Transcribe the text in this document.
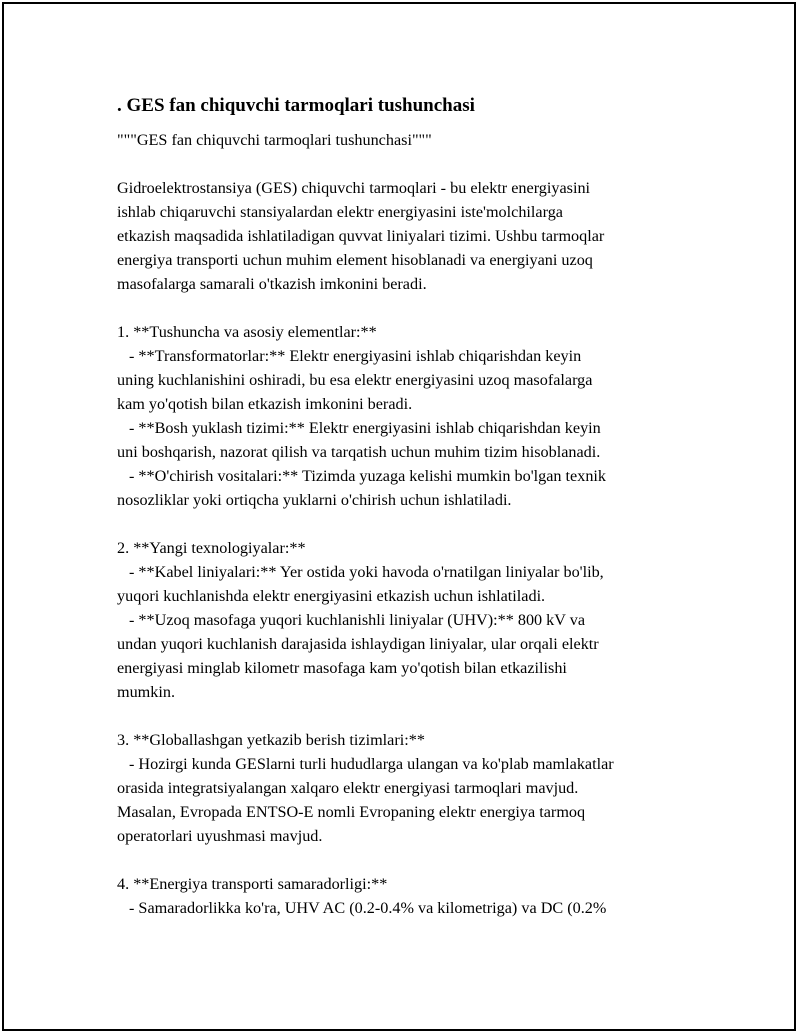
. GES fan chiquvchi tarmoqlari tushunchasi
"""GES fan chiquvchi tarmoqlari tushunchasi"""
Gidroelektrostansiya (GES) chiquvchi tarmoqlari - bu elektr energiyasini
ishlab chiqaruvchi stansiyalardan elektr energiyasini iste'molchilarga
etkazish maqsadida ishlatiladigan quvvat liniyalari tizimi. Ushbu tarmoqlar
energiya transporti uchun muhim element hisoblanadi va energiyani uzoq
masofalarga samarali o'tkazish imkonini beradi.
1. **Tushuncha va asosiy elementlar:**
- **Transformatorlar:** Elektr energiyasini ishlab chiqarishdan keyin
uning kuchlanishini oshiradi, bu esa elektr energiyasini uzoq masofalarga
kam yo'qotish bilan etkazish imkonini beradi.
- **Bosh yuklash tizimi:** Elektr energiyasini ishlab chiqarishdan keyin
uni boshqarish, nazorat qilish va tarqatish uchun muhim tizim hisoblanadi.
- **O'chirish vositalari:** Tizimda yuzaga kelishi mumkin bo'lgan texnik
nosozliklar yoki ortiqcha yuklarni o'chirish uchun ishlatiladi.
2. **Yangi texnologiyalar:**
- **Kabel liniyalari:** Yer ostida yoki havoda o'rnatilgan liniyalar bo'lib,
yuqori kuchlanishda elektr energiyasini etkazish uchun ishlatiladi.
- **Uzoq masofaga yuqori kuchlanishli liniyalar (UHV):** 800 kV va
undan yuqori kuchlanish darajasida ishlaydigan liniyalar, ular orqali elektr
energiyasi minglab kilometr masofaga kam yo'qotish bilan etkazilishi
mumkin.
3. **Globallashgan yetkazib berish tizimlari:**
- Hozirgi kunda GESlarni turli hududlarga ulangan va ko'plab mamlakatlar
orasida integratsiyalangan xalqaro elektr energiyasi tarmoqlari mavjud.
Masalan, Evropada ENTSO-E nomli Evropaning elektr energiya tarmoq
operatorlari uyushmasi mavjud.
4. **Energiya transporti samaradorligi:**
- Samaradorlikka ko'ra, UHV AC (0.2-0.4% va kilometriga) va DC (0.2%
